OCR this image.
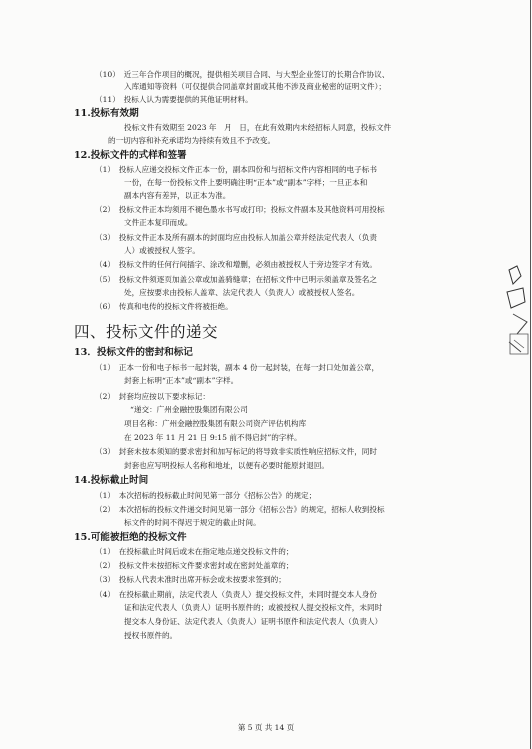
（10）　近三年合作项目的概况，提供相关项目合同、与大型企业签订的长期合作协议、
入库通知等资料（可仅提供合同盖章封面或其他不涉及商业秘密的证明文件）；
（11）　投标人认为需要提供的其他证明材料。
11.投标有效期
投标文件有效期至 2023 年　月　日，在此有效期内未经招标人同意，投标文件
的一切内容和补充承诺均为持续有效且不予改变。
12.投标文件的式样和签署
（1）　投标人应递交投标文件正本一份，副本四份和与招标文件内容相同的电子标书
一份，在每一份投标文件上要明确注明“正本”或“副本”字样；一旦正本和
副本内容有差异，以正本为准。
（2）　投标文件正本均须用不褪色墨水书写或打印；投标文件副本及其他资料可用投标
文件正本复印而成。
（3）　投标文件正本及所有副本的封面均应由投标人加盖公章并经法定代表人（负责
人）或被授权人签字。
（4）　投标文件的任何行间插字、涂改和增删，必须由被授权人于旁边签字才有效。
（5）　投标文件须逐页加盖公章或加盖骑缝章；在招标文件中已明示须盖章及签名之
处，应按要求由投标人盖章、法定代表人（负责人）或被授权人签名。
（6）　传真和电传的投标文件将被拒绝。
四、投标文件的递交
13．投标文件的密封和标记
（1）　正本一份和电子标书一起封装，副本 4 份一起封装，在每一封口处加盖公章，
封套上标明“正本”或“副本”字样。
（2）　封套均应按以下要求标记：
“递交：广州金融控股集团有限公司
项目名称：广州金融控股集团有限公司资产评估机构库
在 2023 年 11 月 21 日 9:15 前不得启封”的字样。
（3）　封套未按本须知的要求密封和加写标记的将导致非实质性响应招标文件，同时
封套也应写明投标人名称和地址，以便有必要时能原封退回。
14.投标截止时间
（1）　本次招标的投标截止时间见第一部分《招标公告》的规定；
（2）　本次招标的投标文件递交时间见第一部分《招标公告》的规定，招标人收到投标
标文件的时间不得迟于规定的截止时间。
15.可能被拒绝的投标文件
（1）　在投标截止时间后或未在指定地点递交投标文件的；
（2）　投标文件未按招标文件要求密封或在密封处盖章的；
（3）　投标人代表未准时出席开标会或未按要求签到的；
（4）　在投标截止期前，法定代表人（负责人）提交投标文件，未同时提交本人身份
证和法定代表人（负责人）证明书原件的；或被授权人提交投标文件，未同时
提交本人身份证、法定代表人（负责人）证明书原件和法定代表人（负责人）
授权书原件的。
第 5 页 共 14 页
